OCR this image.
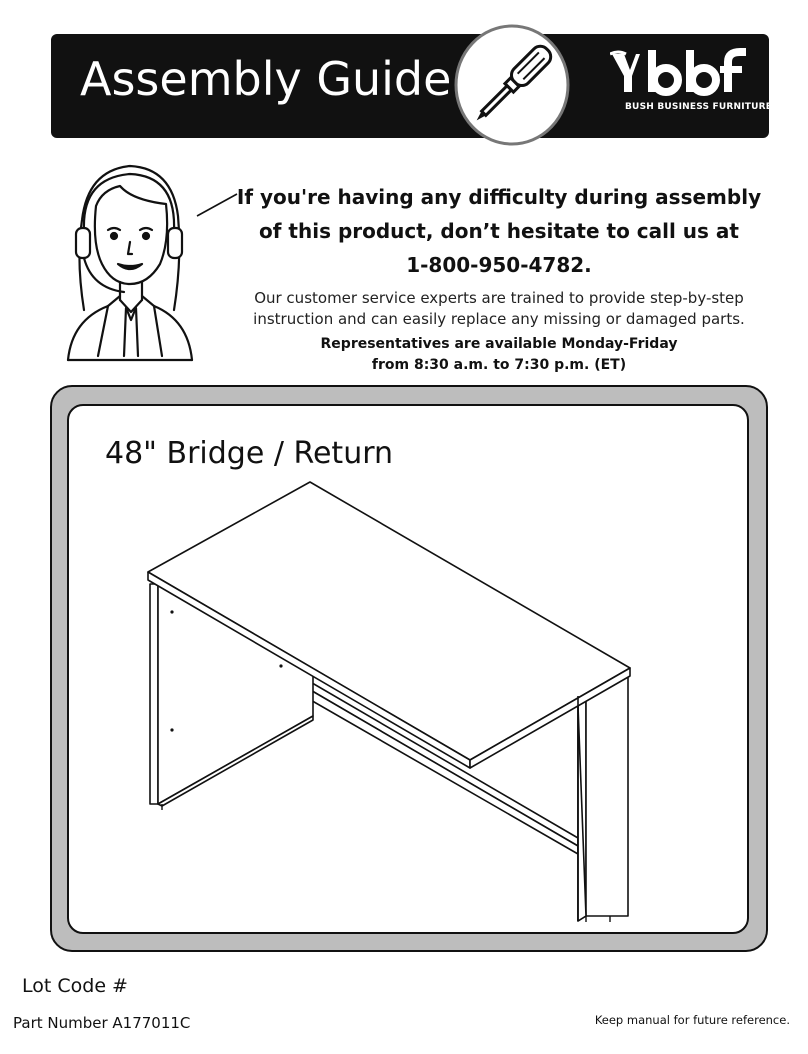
Assembly Guide
BUSH BUSINESS FURNITURE
If you're having any difficulty during assembly
of this product, don’t hesitate to call us at
1-800-950-4782.
Our customer service experts are trained to provide step-by-step
instruction and can easily replace any missing or damaged parts.
Representatives are available Monday-Friday
from 8:30 a.m. to 7:30 p.m. (ET)
48" Bridge / Return
Lot Code #
Part Number A177011C	Keep manual for future reference.
